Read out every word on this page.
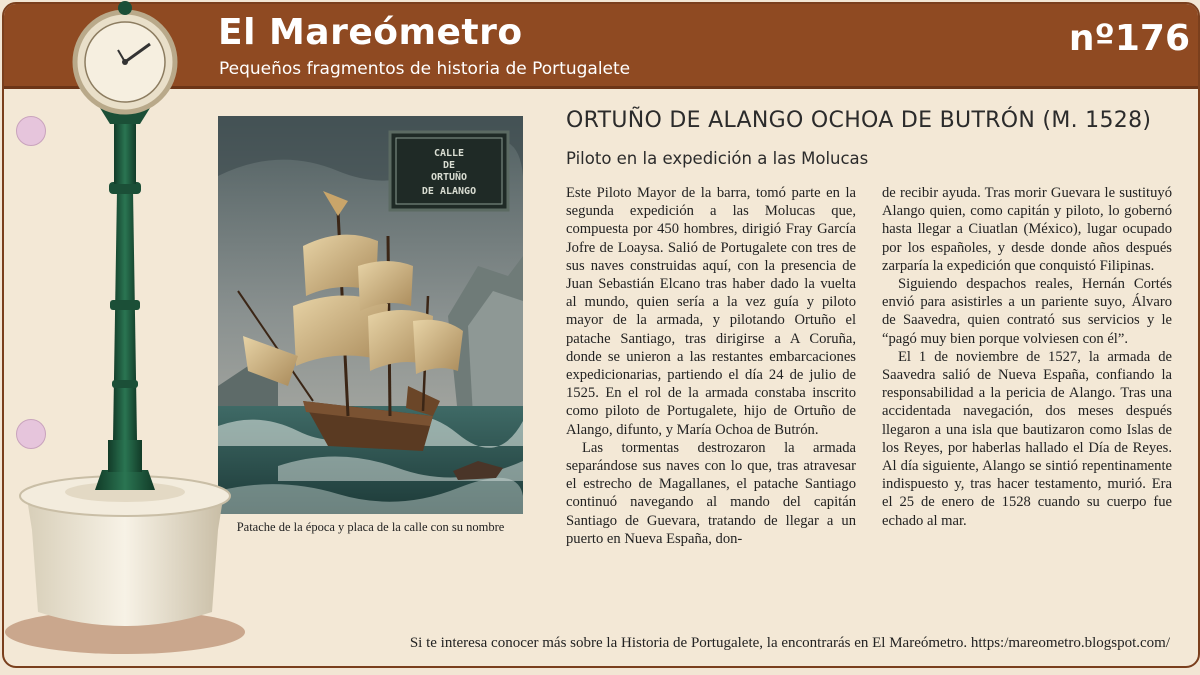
El Mareómetro
Pequeños fragmentos de historia de Portugalete
nº176
CALLE
DE
ORTUÑO
DE ALANGO
Patache de la época y placa de la calle con su nombre
ORTUÑO DE ALANGO OCHOA DE BUTRÓN (M. 1528)
Piloto en la expedición a las Molucas

Este Piloto Mayor de la barra, tomó parte en la segunda expedición a las Molucas que, compuesta por 450 hombres, dirigió Fray García Jofre de Loaysa. Salió de Portugalete con tres de sus naves construidas aquí, con la presencia de Juan Sebastián Elcano tras haber dado la vuelta al mundo, quien sería a la vez guía y piloto mayor de la armada, y pilotando Ortuño el patache Santiago, tras dirigirse a A Coruña, donde se unieron a las restantes embarcaciones expedicionarias, partiendo el día 24 de julio de 1525. En el rol de la armada constaba inscrito como piloto de Portugalete, hijo de Ortuño de Alango, difunto, y María Ochoa de Butrón.

Las tormentas destrozaron la armada separándose sus naves con lo que, tras atravesar el estrecho de Magallanes, el patache Santiago continuó navegando al mando del capitán Santiago de Guevara, tratando de llegar a un puerto en Nueva España, don-

de recibir ayuda. Tras morir Guevara le sustituyó Alango quien, como capitán y piloto, lo gobernó hasta llegar a Ciuatlan (México), lugar ocupado por los españoles, y desde donde años después zarparía la expedición que conquistó Filipinas.

Siguiendo despachos reales, Hernán Cortés envió para asistirles a un pariente suyo, Álvaro de Saavedra, quien contrató sus servicios y le “pagó muy bien porque volviesen con él”.

El 1 de noviembre de 1527, la armada de Saavedra salió de Nueva España, confiando la responsabilidad a la pericia de Alango. Tras una accidentada navegación, dos meses después llegaron a una isla que bautizaron como Islas de los Reyes, por haberlas hallado el Día de Reyes. Al día siguiente, Alango se sintió repentinamente indispuesto y, tras hacer testamento, murió. Era el 25 de enero de 1528 cuando su cuerpo fue echado al mar.

Si te interesa conocer más sobre la Historia de Portugalete, la encontrarás en El Mareómetro. https:/mareometro.blogspot.com/
